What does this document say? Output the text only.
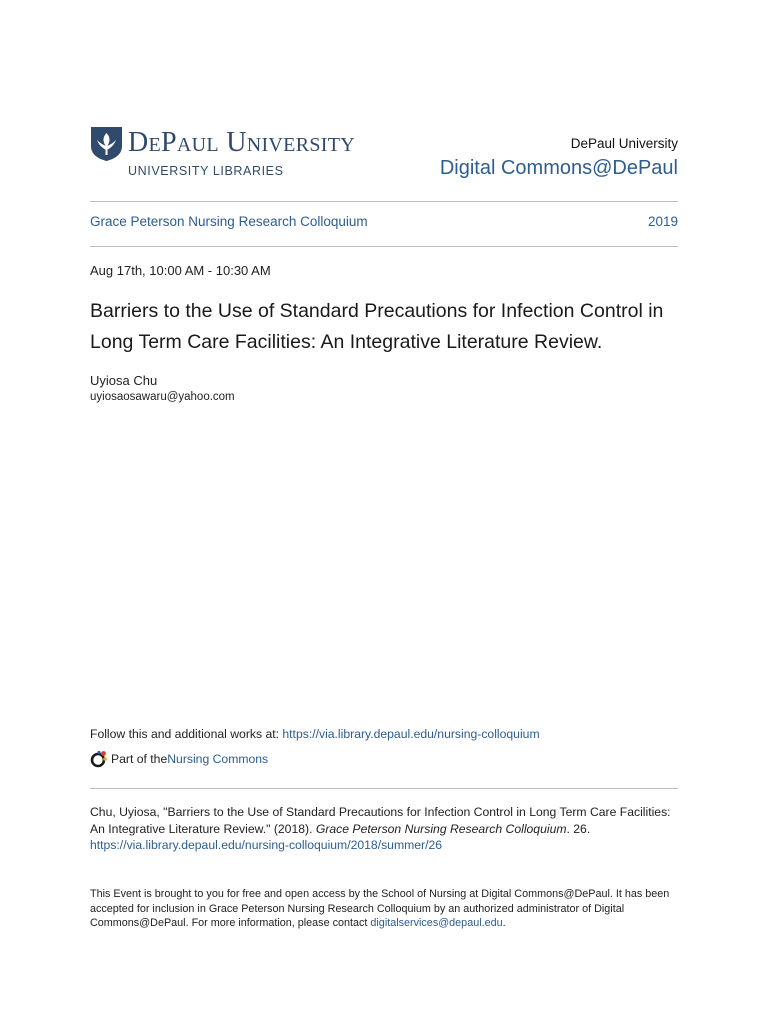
DePaul University
UNIVERSITY LIBRARIES
DePaul University
Digital Commons@DePaul
Grace Peterson Nursing Research Colloquium	2019
Aug 17th, 10:00 AM - 10:30 AM
Barriers to the Use of Standard Precautions for Infection Control in Long Term Care Facilities: An Integrative Literature Review.
Uyiosa Chu
uyiosaosawaru@yahoo.com
Follow this and additional works at: https://via.library.depaul.edu/nursing-colloquium
Part of the Nursing Commons
Chu, Uyiosa, "Barriers to the Use of Standard Precautions for Infection Control in Long Term Care Facilities: An Integrative Literature Review." (2018). Grace Peterson Nursing Research Colloquium. 26.
https://via.library.depaul.edu/nursing-colloquium/2018/summer/26
This Event is brought to you for free and open access by the School of Nursing at Digital Commons@DePaul. It has been accepted for inclusion in Grace Peterson Nursing Research Colloquium by an authorized administrator of Digital Commons@DePaul. For more information, please contact digitalservices@depaul.edu.
